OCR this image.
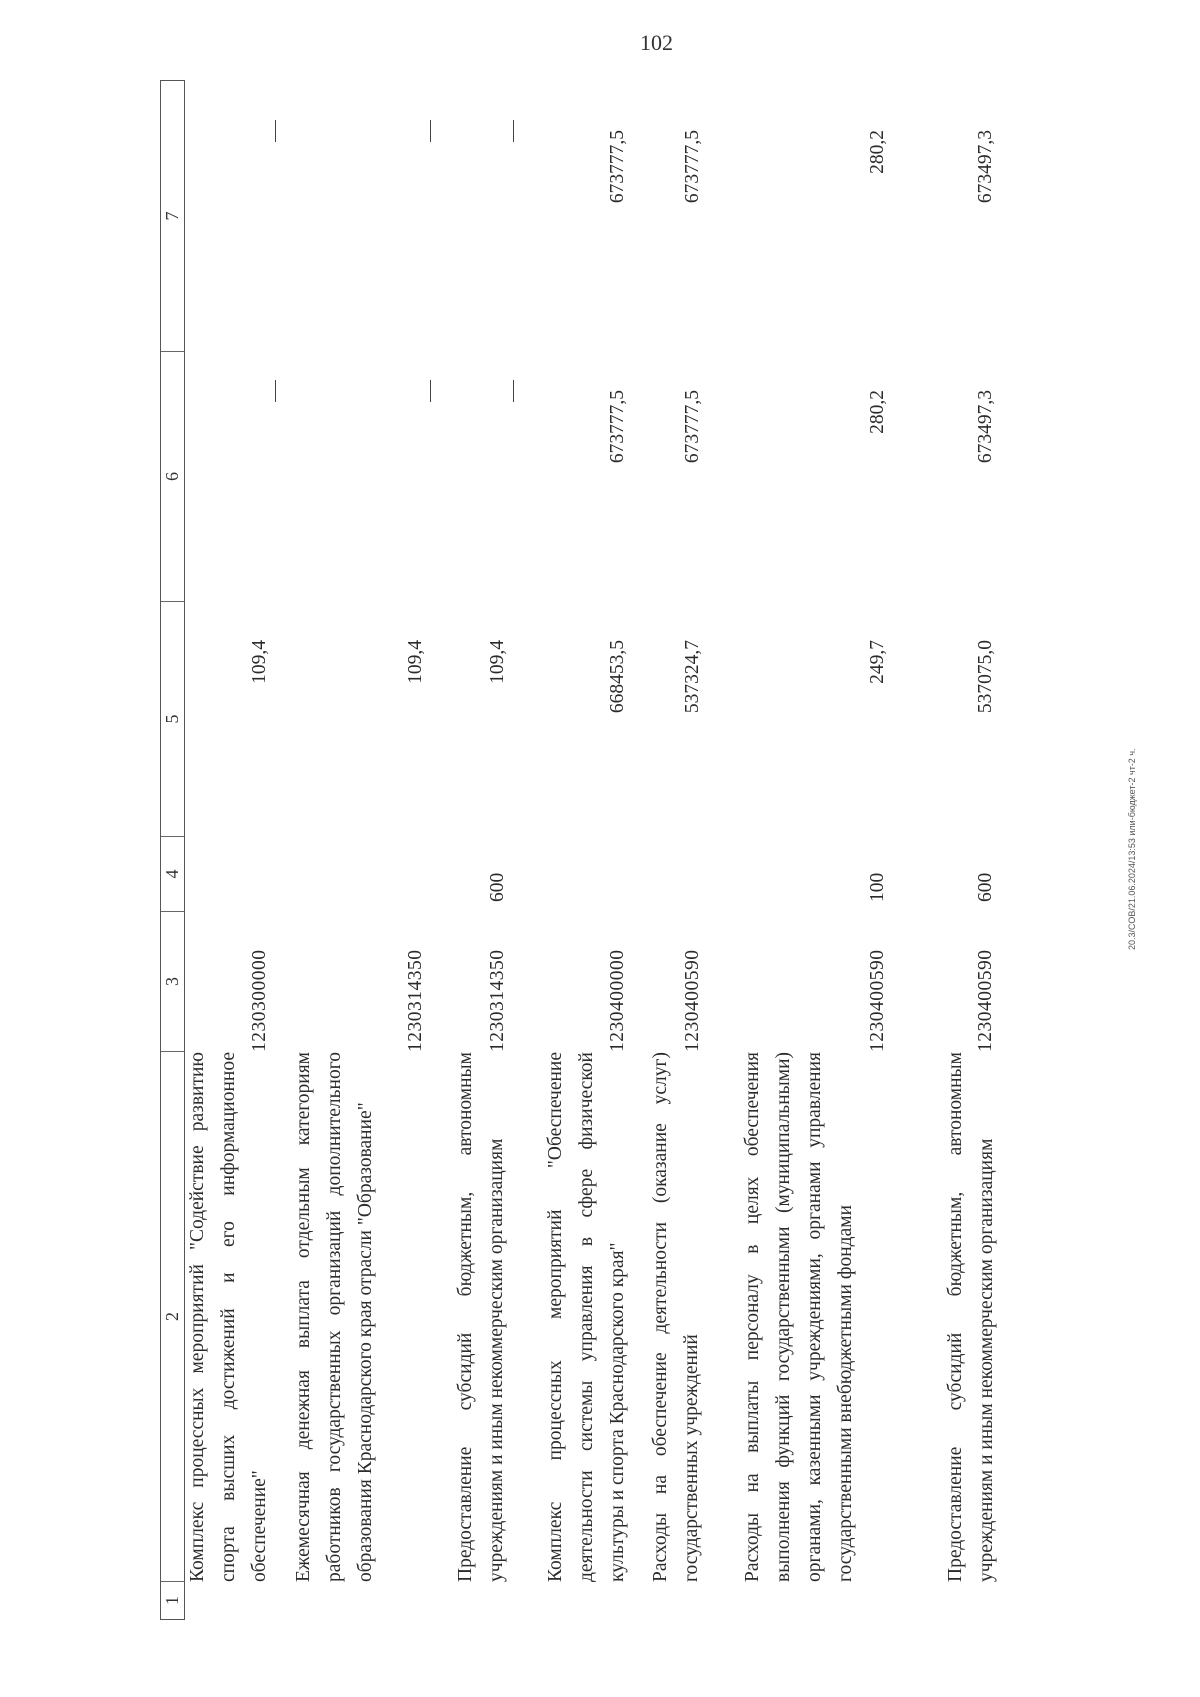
102
20.3/СОВ/21.06.2024/13:53 или-бюджет-2 чт-2 ч.
1
2
3
4
5
6
7
Комплекс процессных мероприятий "Содействие развитию спорта высших достижений и его информационное обеспечение"
1230300000
109,4
Ежемесячная денежная выплата отдельным категориям работников государственных организаций дополнительного образования Краснодарского края отрасли "Образование"
1230314350
109,4
Предоставление субсидий бюджетным, автономным учреждениям и иным некоммерческим организациям
1230314350
600
109,4
Комплекс процессных мероприятий "Обеспечение деятельности системы управления в сфере физической культуры и спорта Краснодарского края"
1230400000
668453,5
673777,5
673777,5
Расходы на обеспечение деятельности (оказание услуг) государственных учреждений
1230400590
537324,7
673777,5
673777,5
Расходы на выплаты персоналу в целях обеспечения выполнения функций государственными (муниципальными) органами, казенными учреждениями, органами управления государственными внебюджетными фондами
1230400590
100
249,7
280,2
280,2
Предоставление субсидий бюджетным, автономным учреждениям и иным некоммерческим организациям
1230400590
600
537075,0
673497,3
673497,3
